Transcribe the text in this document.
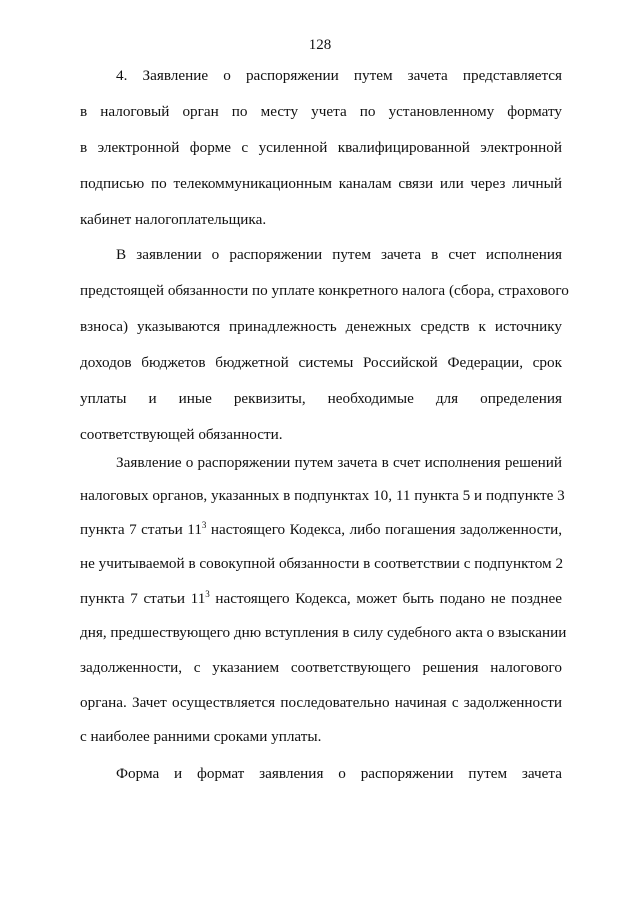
128
4. Заявление о распоряжении путем зачета представляется
в налоговый орган по месту учета по установленному формату
в электронной форме с усиленной квалифицированной электронной
подписью по телекоммуникационным каналам связи или через личный
кабинет налогоплательщика.
В заявлении о распоряжении путем зачета в счет исполнения
предстоящей обязанности по уплате конкретного налога (сбора, страхового
взноса) указываются принадлежность денежных средств к источнику
доходов бюджетов бюджетной системы Российской Федерации, срок
уплаты и иные реквизиты, необходимые для определения
соответствующей обязанности.
Заявление о распоряжении путем зачета в счет исполнения решений
налоговых органов, указанных в подпунктах 10, 11 пункта 5 и подпункте 3
пункта 7 статьи $11^3$ настоящего Кодекса, либо погашения задолженности,
не учитываемой в совокупной обязанности в соответствии с подпунктом 2
пункта 7 статьи $11^3$ настоящего Кодекса, может быть подано не позднее
дня, предшествующего дню вступления в силу судебного акта о взыскании
задолженности, с указанием соответствующего решения налогового
органа. Зачет осуществляется последовательно начиная с задолженности
с наиболее ранними сроками уплаты.
Форма и формат заявления о распоряжении путем зачета
